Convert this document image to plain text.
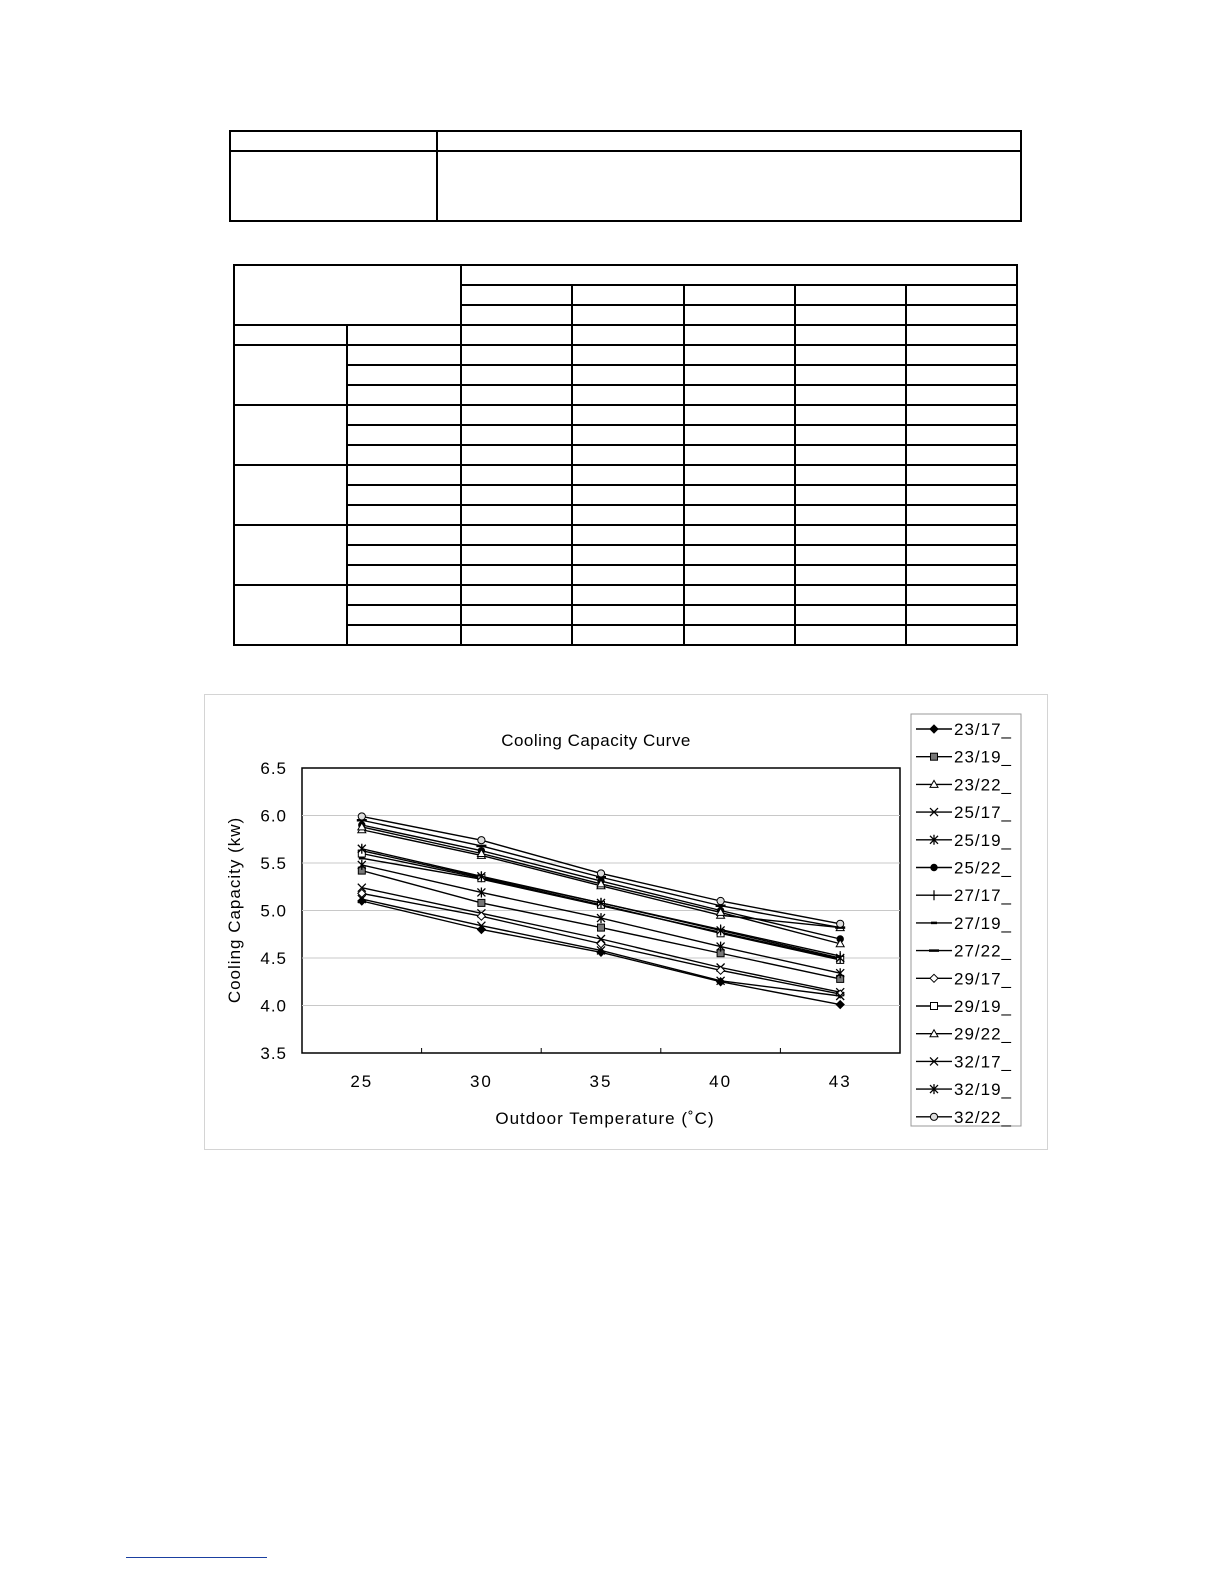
Cooling Capacity Curve
3.5
4.0
4.5
5.0
5.5
6.0
6.5
25	30	35	40	43
Outdoor Temperature (˚C)
Cooling Capacity (kw)
23/17_
23/19_
23/22_
25/17_
25/19_
25/22_
27/17_
27/19_
27/22_
29/17_
29/19_
29/22_
32/17_
32/19_
32/22_
